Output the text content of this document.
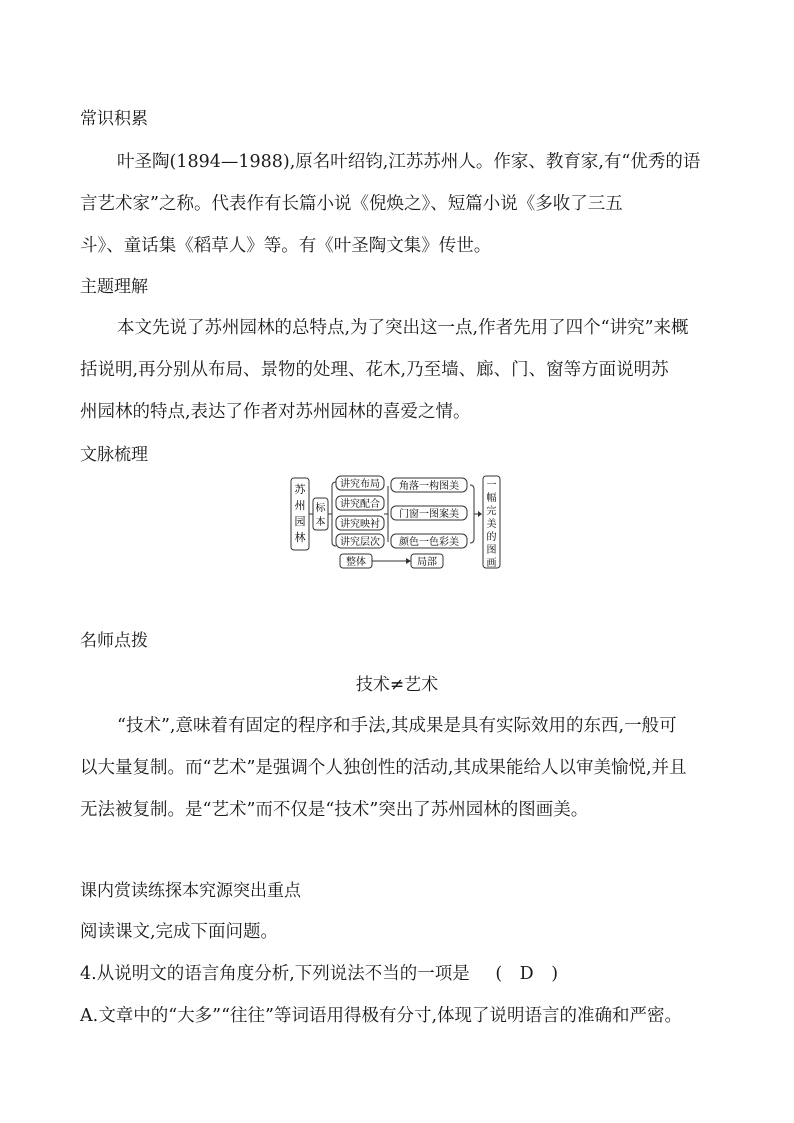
常识积累
叶圣陶(1894—1988),原名叶绍钧,江苏苏州人。作家、教育家,有“优秀的语
言艺术家”之称。代表作有长篇小说《倪焕之》、短篇小说《多收了三五
斗》、童话集《稻草人》等。有《叶圣陶文集》传世。
主题理解
本文先说了苏州园林的总特点,为了突出这一点,作者先用了四个“讲究”来概
括说明,再分别从布局、景物的处理、花木,乃至墙、廊、门、窗等方面说明苏
州园林的特点,表达了作者对苏州园林的喜爱之情。
文脉梳理
苏
州
园
林
标
本
讲究布局
讲究配合
讲究映衬
讲究层次
角落一构图美
门窗一图案美
颜色一色彩美
一
幅
完
美
的
图
画
整体	局部
名师点拨
技术≠艺术
“技术”,意味着有固定的程序和手法,其成果是具有实际效用的东西,一般可
以大量复制。而“艺术”是强调个人独创性的活动,其成果能给人以审美愉悦,并且
无法被复制。是“艺术”而不仅是“技术”突出了苏州园林的图画美。
课内赏读练探本究源突出重点
阅读课文,完成下面问题。
4.从说明文的语言角度分析,下列说法不当的一项是 (　D　)
A.文章中的“大多”“往往”等词语用得极有分寸,体现了说明语言的准确和严密。
